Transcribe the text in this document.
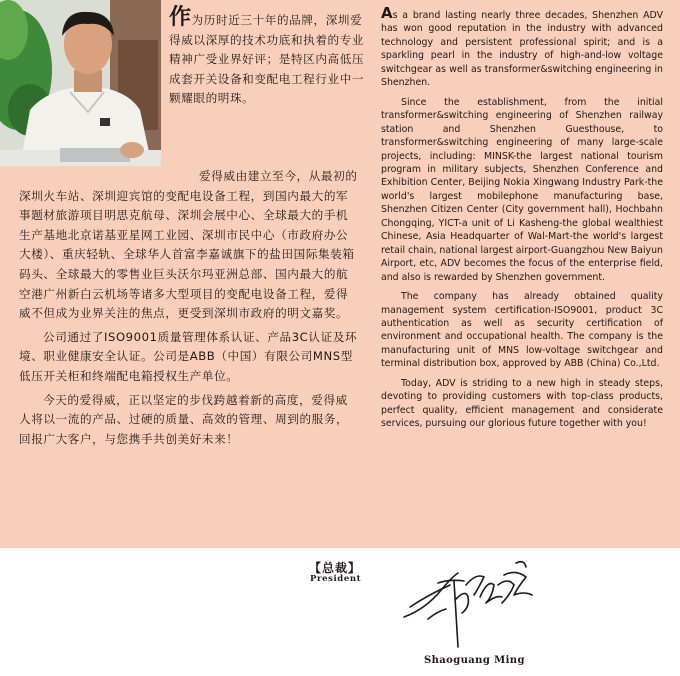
作为历时近三十年的品牌，深圳爱得威以深厚的技术功底和执着的专业精神广受业界好评；是特区内高低压成套开关设备和变配电工程行业中一颗耀眼的明珠。

爱得威由建立至今，从最初的深圳火车站、深圳迎宾馆的变配电设备工程，到国内最大的军事题材旅游项目明思克航母、深圳会展中心、全球最大的手机生产基地北京诺基亚星网工业园、深圳市民中心（市政府办公大楼）、重庆轻轨、全球华人首富李嘉诚旗下的盐田国际集装箱码头、全球最大的零售业巨头沃尔玛亚洲总部、国内最大的航空港广州新白云机场等诸多大型项目的变配电设备工程，爱得威不但成为业界关注的焦点，更受到深圳市政府的明文嘉奖。

公司通过了ISO9001质量管理体系认证、产品3C认证及环境、职业健康安全认证。公司是ABB（中国）有限公司MNS型低压开关柜和终端配电箱授权生产单位。

今天的爱得威，正以坚定的步伐跨越着新的高度，爱得威人将以一流的产品、过硬的质量、高效的管理、周到的服务，回报广大客户，与您携手共创美好未来！

As a brand lasting nearly three decades, Shenzhen ADV has won good reputation in the industry with advanced technology and persistent professional spirit; and is a sparkling pearl in the industry of high-and-low voltage switchgear as well as transformer&switching engineering in Shenzhen.

Since the establishment, from the initial transformer&switching engineering of Shenzhen railway station and Shenzhen Guesthouse, to transformer&switching engineering of many large-scale projects, including: MINSK-the largest national tourism program in military subjects, Shenzhen Conference and Exhibition Center, Beijing Nokia Xingwang Industry Park-the world's largest mobilephone manufacturing base, Shenzhen Citizen Center (City government hall), Hochbahn Chongqing, YICT-a unit of Li Kasheng-the global wealthiest Chinese, Asia Headquarter of Wal-Mart-the world's largest retail chain, national largest airport-Guangzhou New Baiyun Airport, etc, ADV becomes the focus of the enterprise field, and also is rewarded by Shenzhen government.

The company has already obtained quality management system certification-ISO9001, product 3C authentication as well as security certification of environment and occupational health. The company is the manufacturing unit of MNS low-voltage switchgear and terminal distribution box, approved by ABB (China) Co.,Ltd.

Today, ADV is striding to a new high in steady steps, devoting to providing customers with top-class products, perfect quality, efficient management and considerate services, pursuing our glorious future together with you!

【总裁】
President
Shaoguang Ming
